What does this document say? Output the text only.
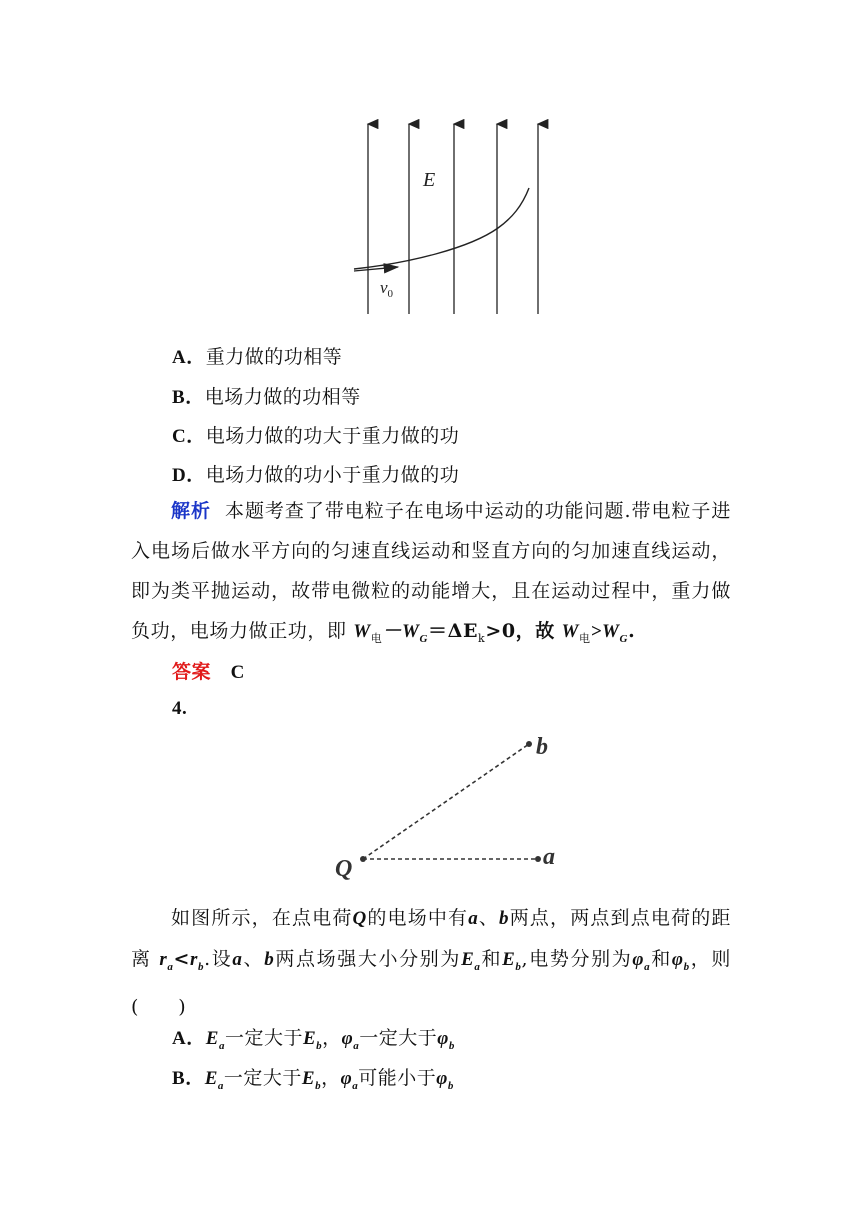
E
$v_0$
A．重力做的功相等
B．电场力做的功相等
C．电场力做的功大于重力做的功
D．电场力做的功小于重力做的功
解析 本题考查了带电粒子在电场中运动的功能问题.带电粒子进入电场后做水平方向的匀速直线运动和竖直方向的匀加速直线运动，即为类平抛运动，故带电微粒的动能增大，且在运动过程中，重力做负功，电场力做正功，即 $W_电-W_G=\Delta E_k>0$，故 $W_电>W_G$.
答案 C
4.
b
Q	a
如图所示，在点电荷Q的电场中有a、b两点，两点到点电荷的距离 $r_a<r_b$.设a、b两点场强大小分别为$E_a$和$E_b$,电势分别为$\varphi_a$和$\varphi_b$，则(　　)
A．$E_a$一定大于$E_b$，$\varphi_a$一定大于$\varphi_b$
B．$E_a$一定大于$E_b$，$\varphi_a$可能小于$\varphi_b$
